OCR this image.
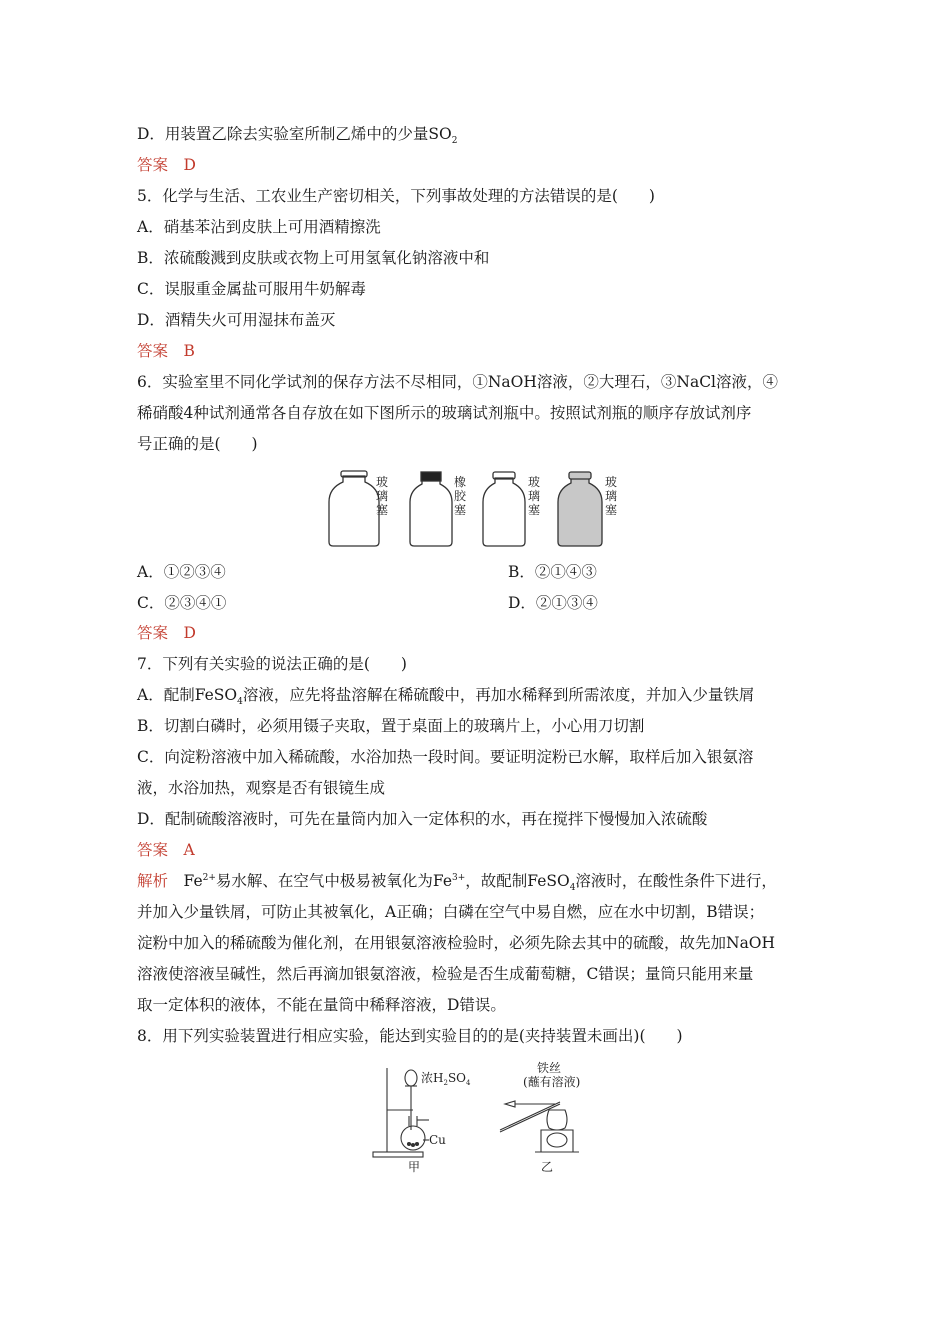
D．用装置乙除去实验室所制乙烯中的少量$SO_2$
答案　 D
5．化学与生活、工农业生产密切相关，下列事故处理的方法错误的是(　　)
A．硝基苯沾到皮肤上可用酒精擦洗
B．浓硫酸溅到皮肤或衣物上可用氢氧化钠溶液中和
C．误服重金属盐可服用牛奶解毒
D．酒精失火可用湿抹布盖灭
答案　 B
6．实验室里不同化学试剂的保存方法不尽相同，①NaOH溶液，②大理石，③NaCl溶液，④
稀硝酸4种试剂通常各自存放在如下图所示的玻璃试剂瓶中。按照试剂瓶的顺序存放试剂序
号正确的是(　　)
玻
璃
塞
橡
胶
塞
玻
璃
塞
玻
璃
塞
A．①②③④	B．②①④③
C．②③④①	D．②①③④
答案　 D
7．下列有关实验的说法正确的是(　　)
A．配制FeSO$_4$溶液，应先将盐溶解在稀硫酸中，再加水稀释到所需浓度，并加入少量铁屑
B．切割白磷时，必须用镊子夹取，置于桌面上的玻璃片上，小心用刀切割
C．向淀粉溶液中加入稀硫酸，水浴加热一段时间。要证明淀粉已水解，取样后加入银氨溶
液，水浴加热，观察是否有银镜生成
D．配制硫酸溶液时，可先在量筒内加入一定体积的水，再在搅拌下慢慢加入浓硫酸
答案　 A
解析　 $Fe^{2+}$易水解、在空气中极易被氧化为$Fe^{3+}$，故配制FeSO$_4$溶液时，在酸性条件下进行，
并加入少量铁屑，可防止其被氧化，A正确；白磷在空气中易自燃，应在水中切割，B错误；
淀粉中加入的稀硫酸为催化剂，在用银氨溶液检验时，必须先除去其中的硫酸，故先加NaOH
溶液使溶液呈碱性，然后再滴加银氨溶液，检验是否生成葡萄糖，C错误；量筒只能用来量
取一定体积的液体，不能在量筒中稀释溶液，D错误。
8．用下列实验装置进行相应实验，能达到实验目的的是(夹持装置未画出)(　　)
浓$H_2SO_4$
Cu
甲
铁丝
(蘸有溶液)
乙
